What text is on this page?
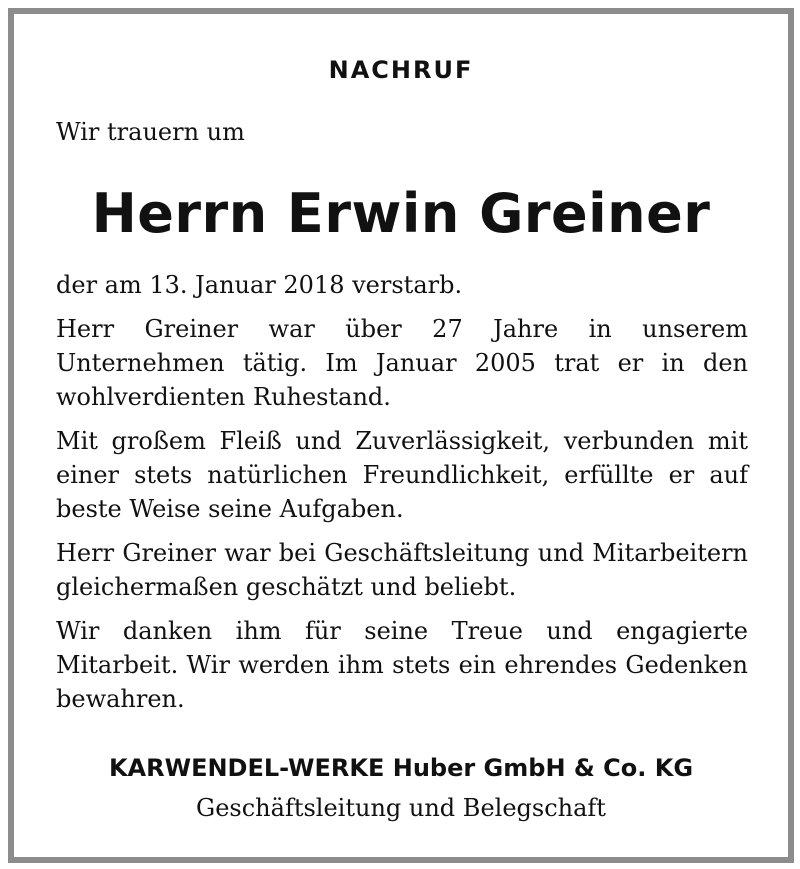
NACHRUF
Wir trauern um
Herrn Erwin Greiner

der am 13. Januar 2018 verstarb.

Herr Greiner war über 27 Jahre in unserem Unternehmen tätig. Im Januar 2005 trat er in den wohlverdienten Ruhestand.

Mit großem Fleiß und Zuverlässigkeit, verbunden mit einer stets natürlichen Freundlichkeit, erfüllte er auf beste Weise seine Aufgaben.

Herr Greiner war bei Geschäftsleitung und Mitarbeitern gleichermaßen geschätzt und beliebt.

Wir danken ihm für seine Treue und engagierte Mitarbeit. Wir werden ihm stets ein ehrendes Gedenken bewahren.

KARWENDEL-WERKE Huber GmbH & Co. KG
Geschäftsleitung und Belegschaft
